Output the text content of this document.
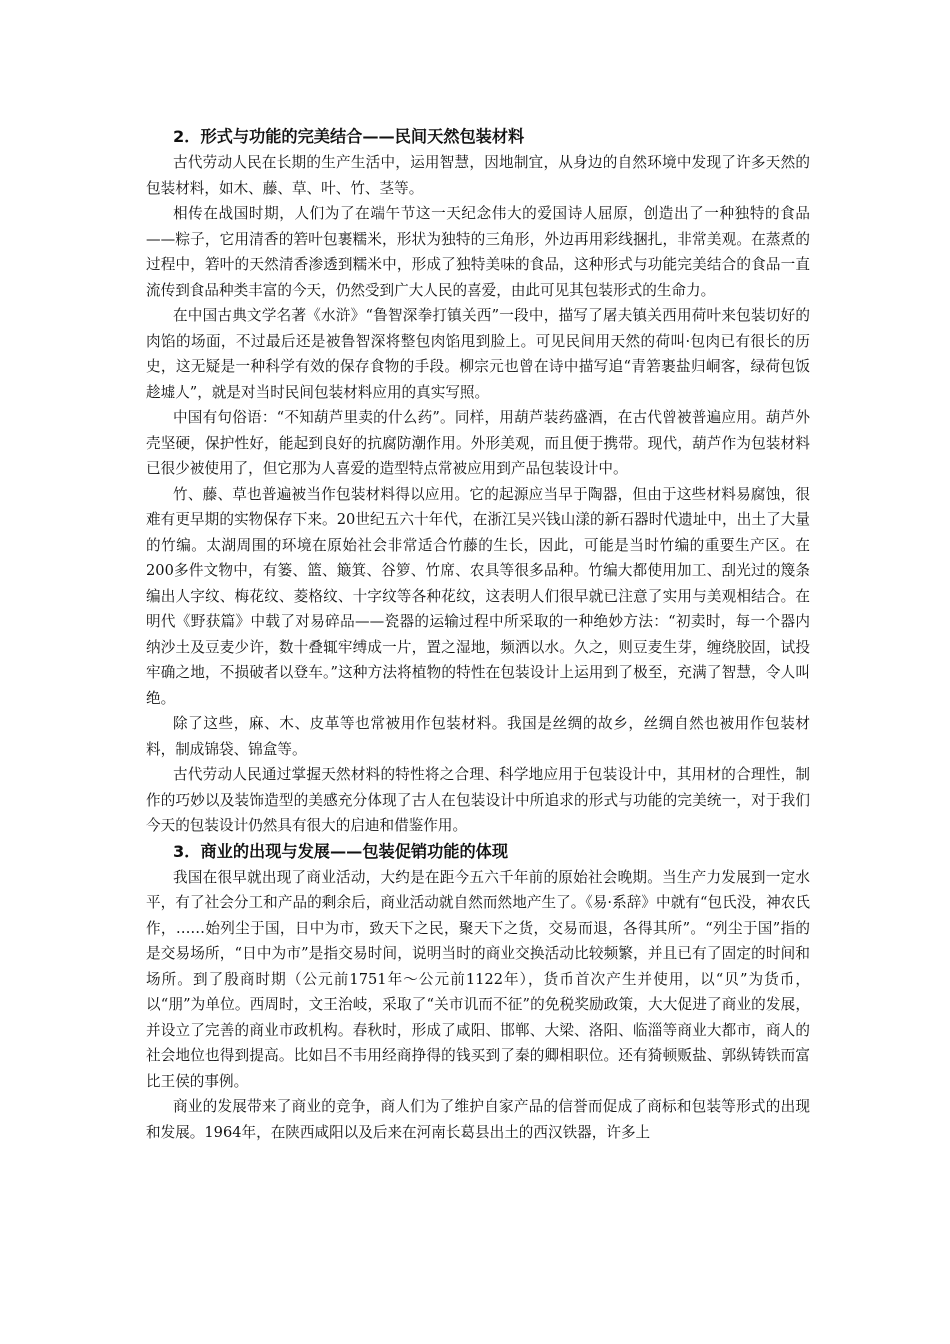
2．形式与功能的完美结合——民间天然包装材料

古代劳动人民在长期的生产生活中，运用智慧，因地制宜，从身边的自然环境中发现了许多天然的包装材料，如木、藤、草、叶、竹、茎等。

相传在战国时期，人们为了在端午节这一天纪念伟大的爱国诗人屈原，创造出了一种独特的食品——粽子，它用清香的箬叶包裹糯米，形状为独特的三角形，外边再用彩线捆扎，非常美观。在蒸煮的过程中，箬叶的天然清香渗透到糯米中，形成了独特美味的食品，这种形式与功能完美结合的食品一直流传到食品种类丰富的今天，仍然受到广大人民的喜爱，由此可见其包装形式的生命力。

在中国古典文学名著《水浒》“鲁智深拳打镇关西”一段中，描写了屠夫镇关西用荷叶来包装切好的肉馅的场面，不过最后还是被鲁智深将整包肉馅甩到脸上。可见民间用天然的荷叫·包肉已有很长的历史，这无疑是一种科学有效的保存食物的手段。柳宗元也曾在诗中描写追“青箬裹盐归峒客，绿荷包饭趁墟人”，就是对当时民间包装材料应用的真实写照。

中国有句俗语：“不知葫芦里卖的什么药”。同样，用葫芦装药盛酒，在古代曾被普遍应用。葫芦外壳坚硬，保护性好，能起到良好的抗腐防潮作用。外形美观，而且便于携带。现代，葫芦作为包装材料已很少被使用了，但它那为人喜爱的造型特点常被应用到产品包装设计中。

竹、藤、草也普遍被当作包装材料得以应用。它的起源应当早于陶器，但由于这些材料易腐蚀，很难有更早期的实物保存下来。20世纪五六十年代，在浙江吴兴钱山漾的新石器时代遗址中，出土了大量的竹编。太湖周围的环境在原始社会非常适合竹藤的生长，因此，可能是当时竹编的重要生产区。在200多件文物中，有篓、篮、簸箕、谷箩、竹席、农具等很多品种。竹编大都使用加工、刮光过的篾条编出人字纹、梅花纹、菱格纹、十字纹等各种花纹，这表明人们很早就已注意了实用与美观相结合。在明代《野获篇》中载了对易碎品——瓷器的运输过程中所采取的一种绝妙方法：“初卖时，每一个器内纳沙土及豆麦少许，数十叠辄牢缚成一片，置之湿地，频洒以水。久之，则豆麦生芽，缠绕胶固，试投牢确之地，不损破者以登车。”这种方法将植物的特性在包装设计上运用到了极至，充满了智慧，令人叫绝。

除了这些，麻、木、皮革等也常被用作包装材料。我国是丝绸的故乡，丝绸自然也被用作包装材料，制成锦袋、锦盒等。

古代劳动人民通过掌握天然材料的特性将之合理、科学地应用于包装设计中，其用材的合理性，制作的巧妙以及装饰造型的美感充分体现了古人在包装设计中所追求的形式与功能的完美统一，对于我们今天的包装设计仍然具有很大的启迪和借鉴作用。

3．商业的出现与发展——包装促销功能的体现

我国在很早就出现了商业活动，大约是在距今五六千年前的原始社会晚期。当生产力发展到一定水平，有了社会分工和产品的剩余后，商业活动就自然而然地产生了。《易·系辞》中就有“包氏没，神农氏作，……始列尘于国，日中为市，致天下之民，聚天下之货，交易而退，各得其所”。“列尘于国”指的是交易场所，“日中为市”是指交易时间，说明当时的商业交换活动比较频繁，并且已有了固定的时间和场所。到了殷商时期（公元前1751年～公元前1122年），货币首次产生并使用，以“贝”为货币，以“朋”为单位。西周时，文王治岐，采取了“关市讥而不征”的免税奖励政策，大大促进了商业的发展，并设立了完善的商业市政机构。春秋时，形成了咸阳、邯郸、大梁、洛阳、临淄等商业大都市，商人的社会地位也得到提高。比如吕不韦用经商挣得的钱买到了秦的卿相职位。还有猗顿贩盐、郭纵铸铁而富比王侯的事例。

商业的发展带来了商业的竞争，商人们为了维护自家产品的信誉而促成了商标和包装等形式的出现和发展。1964年，在陕西咸阳以及后来在河南长葛县出土的西汉铁器，许多上
